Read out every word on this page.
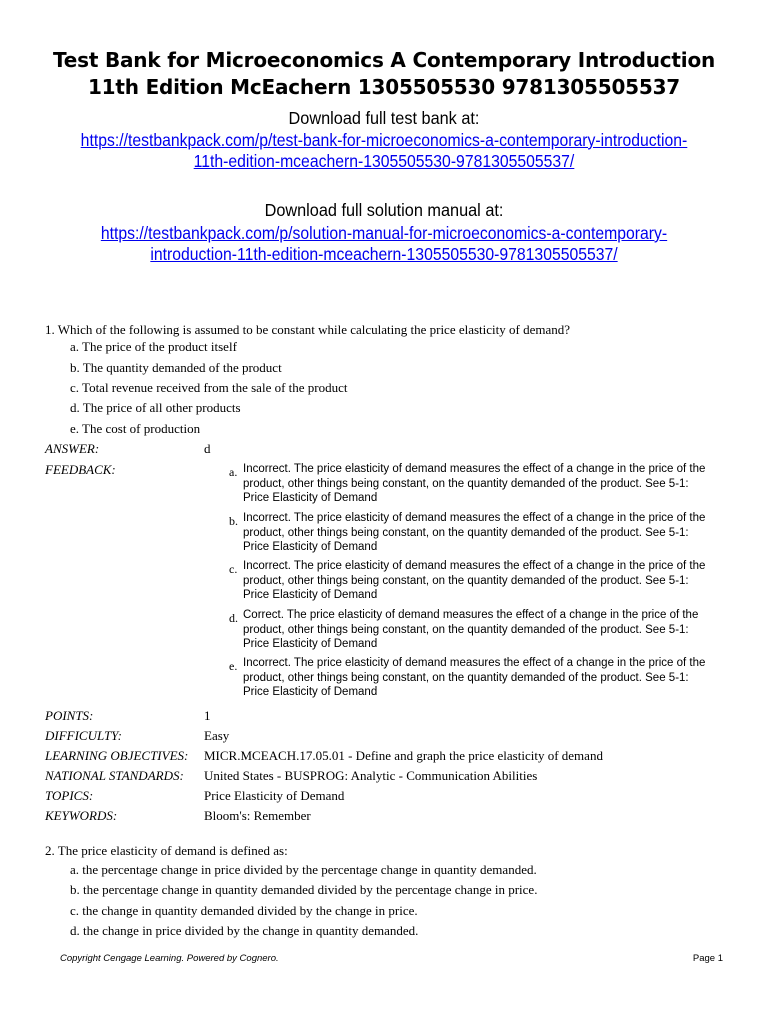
Test Bank for Microeconomics A Contemporary Introduction
11th Edition McEachern 1305505530 9781305505537
Download full test bank at:
https://testbankpack.com/p/test-bank-for-microeconomics-a-contemporary-introduction-
11th-edition-mceachern-1305505530-9781305505537/
Download full solution manual at:
https://testbankpack.com/p/solution-manual-for-microeconomics-a-contemporary-
introduction-11th-edition-mceachern-1305505530-9781305505537/
1. Which of the following is assumed to be constant while calculating the price elasticity of demand?
a. The price of the product itself
b. The quantity demanded of the product
c. Total revenue received from the sale of the product
d. The price of all other products
e. The cost of production
ANSWER:	d
FEEDBACK:	a. Incorrect. The price elasticity of demand measures the effect of a change in the price of the product, other things being constant, on the quantity demanded of the product. See 5-1: Price Elasticity of Demand

b. Incorrect. The price elasticity of demand measures the effect of a change in the price of the product, other things being constant, on the quantity demanded of the product. See 5-1: Price Elasticity of Demand

c. Incorrect. The price elasticity of demand measures the effect of a change in the price of the product, other things being constant, on the quantity demanded of the product. See 5-1: Price Elasticity of Demand

d. Correct. The price elasticity of demand measures the effect of a change in the price of the product, other things being constant, on the quantity demanded of the product. See 5-1: Price Elasticity of Demand

e. Incorrect. The price elasticity of demand measures the effect of a change in the price of the product, other things being constant, on the quantity demanded of the product. See 5-1: Price Elasticity of Demand

POINTS:	1
DIFFICULTY:	Easy
LEARNING OBJECTIVES: MICR.MCEACH.17.05.01 - Define and graph the price elasticity of demand
NATIONAL STANDARDS: United States - BUSPROG: Analytic - Communication Abilities
TOPICS:	Price Elasticity of Demand
KEYWORDS:	Bloom's: Remember
2. The price elasticity of demand is defined as:
a. the percentage change in price divided by the percentage change in quantity demanded.
b. the percentage change in quantity demanded divided by the percentage change in price.
c. the change in quantity demanded divided by the change in price.
d. the change in price divided by the change in quantity demanded.
Copyright Cengage Learning. Powered by Cognero.	Page 1
